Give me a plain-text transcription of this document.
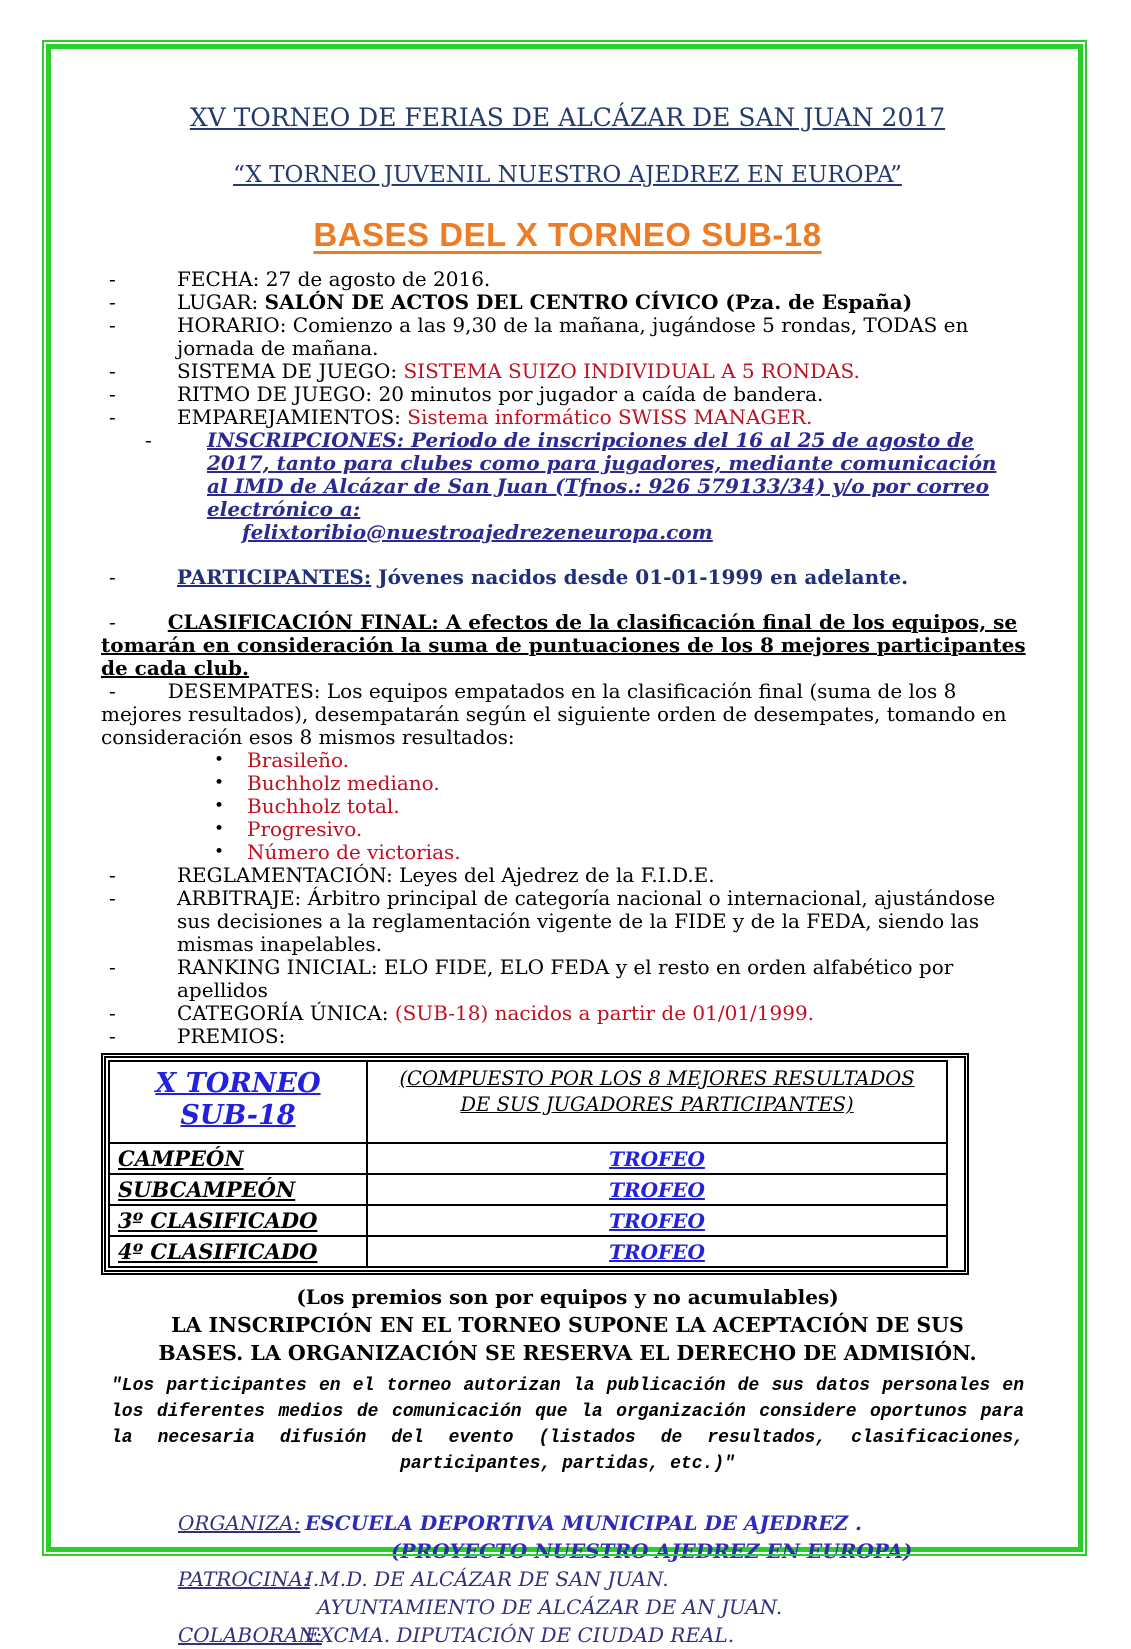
XV TORNEO DE FERIAS DE ALCÁZAR DE SAN JUAN 2017
“X TORNEO JUVENIL NUESTRO AJEDREZ EN EUROPA”
BASES DEL X TORNEO SUB-18
-	FECHA: 27 de agosto de 2016.
-	LUGAR: SALÓN DE ACTOS DEL CENTRO CÍVICO (Pza. de España)
-	HORARIO: Comienzo a las 9,30 de la mañana, jugándose 5 rondas, TODAS en jornada de mañana.
-	SISTEMA DE JUEGO: SISTEMA SUIZO INDIVIDUAL A 5 RONDAS.
-	RITMO DE JUEGO: 20 minutos por jugador a caída de bandera.
-	EMPAREJAMIENTOS: Sistema informático SWISS MANAGER.
-	INSCRIPCIONES: Periodo de inscripciones del 16 al 25 de agosto de 2017, tanto para clubes como para jugadores, mediante comunicación al IMD de Alcázar de San Juan (Tfnos.: 926 579133/34) y/o por correo electrónico a:
felixtoribio@nuestroajedrezeneuropa.com
-	PARTICIPANTES: Jóvenes nacidos desde 01-01-1999 en adelante.
-	CLASIFICACIÓN FINAL: A efectos de la clasificación final de los equipos, se tomarán en consideración la suma de puntuaciones de los 8 mejores participantes de cada club.
-	DESEMPATES: Los equipos empatados en la clasificación final (suma de los 8 mejores resultados), desempatarán según el siguiente orden de desempates, tomando en consideración esos 8 mismos resultados:
• Brasileño.
• Buchholz mediano.
• Buchholz total.
• Progresivo.
• Número de victorias.
-	REGLAMENTACIÓN: Leyes del Ajedrez de la F.I.D.E.
-	ARBITRAJE: Árbitro principal de categoría nacional o internacional, ajustándose sus decisiones a la reglamentación vigente de la FIDE y de la FEDA, siendo las mismas inapelables.
-	RANKING INICIAL: ELO FIDE, ELO FEDA y el resto en orden alfabético por apellidos
-	CATEGORÍA ÚNICA: (SUB-18) nacidos a partir de 01/01/1999.
-	PREMIOS:
X TORNEO
SUB-18	(COMPUESTO POR LOS 8 MEJORES RESULTADOS DE SUS JUGADORES PARTICIPANTES)
CAMPEÓN	TROFEO
SUBCAMPEÓN	TROFEO
3º CLASIFICADO	TROFEO
4º CLASIFICADO	TROFEO
(Los premios son por equipos y no acumulables)
LA INSCRIPCIÓN EN EL TORNEO SUPONE LA ACEPTACIÓN DE SUS BASES. LA ORGANIZACIÓN SE RESERVA EL DERECHO DE ADMISIÓN.
"Los participantes en el torneo autorizan la publicación de sus datos personales en los diferentes medios de comunicación que la organización considere oportunos para la necesaria difusión del evento (listados de resultados, clasificaciones, participantes, partidas, etc.)"
ORGANIZA: ESCUELA DEPORTIVA MUNICIPAL DE AJEDREZ .
(PROYECTO NUESTRO AJEDREZ EN EUROPA)
PATROCINA:
I.M.D. DE ALCÁZAR DE SAN JUAN.
AYUNTAMIENTO DE ALCÁZAR DE AN JUAN.
COLABORAN:
EXCMA. DIPUTACIÓN DE CIUDAD REAL.
